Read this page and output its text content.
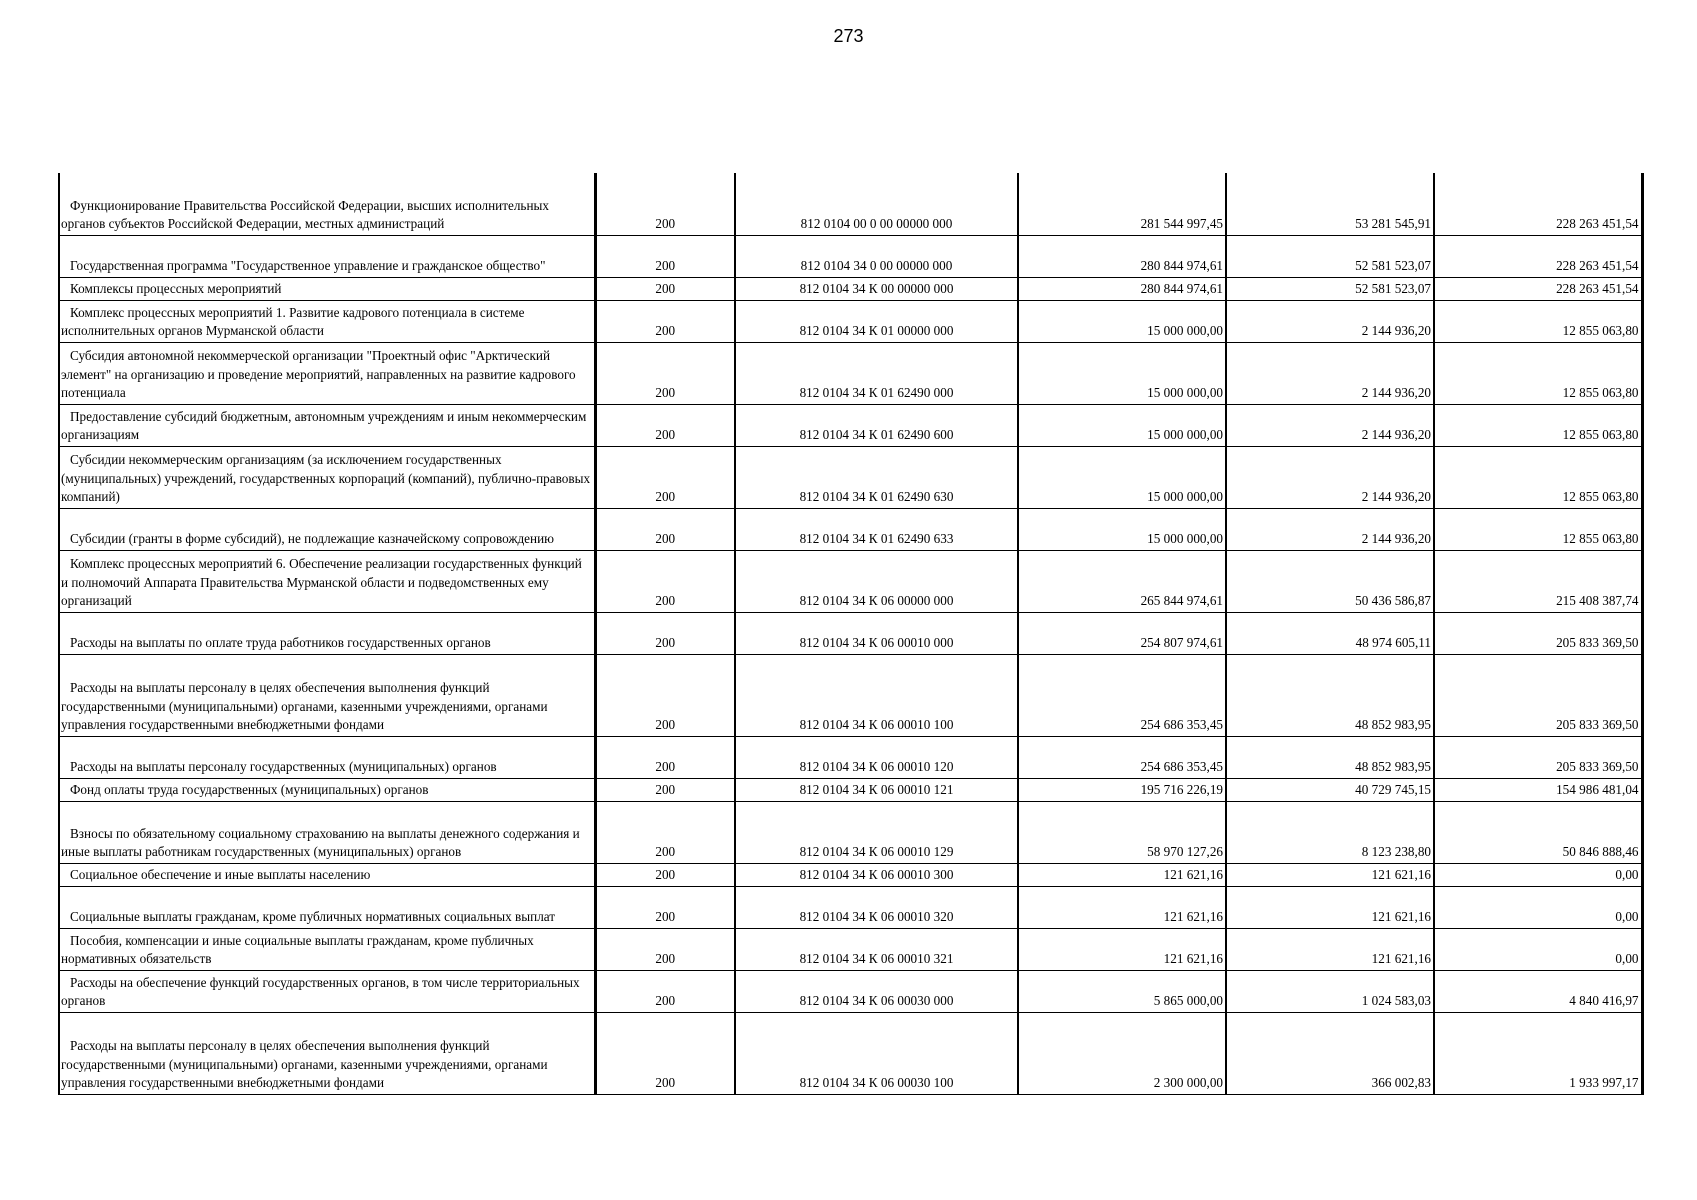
273
Функционирование Правительства Российской Федерации, высших исполнительных органов субъектов Российской Федерации, местных администраций	200	812 0104 00 0 00 00000 000	281 544 997,45	53 281 545,91	228 263 451,54
Государственная программа "Государственное управление и гражданское общество"	200	812 0104 34 0 00 00000 000	280 844 974,61	52 581 523,07	228 263 451,54
Комплексы процессных мероприятий	200	812 0104 34 К 00 00000 000	280 844 974,61	52 581 523,07	228 263 451,54
Комплекс процессных мероприятий 1. Развитие кадрового потенциала в системе исполнительных органов Мурманской области	200	812 0104 34 К 01 00000 000	15 000 000,00	2 144 936,20	12 855 063,80
Субсидия автономной некоммерческой организации "Проектный офис "Арктический элемент" на организацию и проведение мероприятий, направленных на развитие кадрового потенциала	200	812 0104 34 К 01 62490 000	15 000 000,00	2 144 936,20	12 855 063,80
Предоставление субсидий бюджетным, автономным учреждениям и иным некоммерческим организациям	200	812 0104 34 К 01 62490 600	15 000 000,00	2 144 936,20	12 855 063,80
Субсидии некоммерческим организациям (за исключением государственных (муниципальных) учреждений, государственных корпораций (компаний), публично-правовых компаний)	200	812 0104 34 К 01 62490 630	15 000 000,00	2 144 936,20	12 855 063,80
Субсидии (гранты в форме субсидий), не подлежащие казначейскому сопровождению	200	812 0104 34 К 01 62490 633	15 000 000,00	2 144 936,20	12 855 063,80
Комплекс процессных мероприятий 6. Обеспечение реализации государственных функций и полномочий Аппарата Правительства Мурманской области и подведомственных ему организаций	200	812 0104 34 К 06 00000 000	265 844 974,61	50 436 586,87	215 408 387,74
Расходы на выплаты по оплате труда работников государственных органов	200	812 0104 34 К 06 00010 000	254 807 974,61	48 974 605,11	205 833 369,50
Расходы на выплаты персоналу в целях обеспечения выполнения функций государственными (муниципальными) органами, казенными учреждениями, органами управления государственными внебюджетными фондами	200	812 0104 34 К 06 00010 100	254 686 353,45	48 852 983,95	205 833 369,50
Расходы на выплаты персоналу государственных (муниципальных) органов	200	812 0104 34 К 06 00010 120	254 686 353,45	48 852 983,95	205 833 369,50
Фонд оплаты труда государственных (муниципальных) органов	200	812 0104 34 К 06 00010 121	195 716 226,19	40 729 745,15	154 986 481,04
Взносы по обязательному социальному страхованию на выплаты денежного содержания и иные выплаты работникам государственных (муниципальных) органов	200	812 0104 34 К 06 00010 129	58 970 127,26	8 123 238,80	50 846 888,46
Социальное обеспечение и иные выплаты населению	200	812 0104 34 К 06 00010 300	121 621,16	121 621,16	0,00
Социальные выплаты гражданам, кроме публичных нормативных социальных выплат	200	812 0104 34 К 06 00010 320	121 621,16	121 621,16	0,00
Пособия, компенсации и иные социальные выплаты гражданам, кроме публичных нормативных обязательств	200	812 0104 34 К 06 00010 321	121 621,16	121 621,16	0,00
Расходы на обеспечение функций государственных органов, в том числе территориальных органов	200	812 0104 34 К 06 00030 000	5 865 000,00	1 024 583,03	4 840 416,97
Расходы на выплаты персоналу в целях обеспечения выполнения функций государственными (муниципальными) органами, казенными учреждениями, органами управления государственными внебюджетными фондами	200	812 0104 34 К 06 00030 100	2 300 000,00	366 002,83	1 933 997,17
